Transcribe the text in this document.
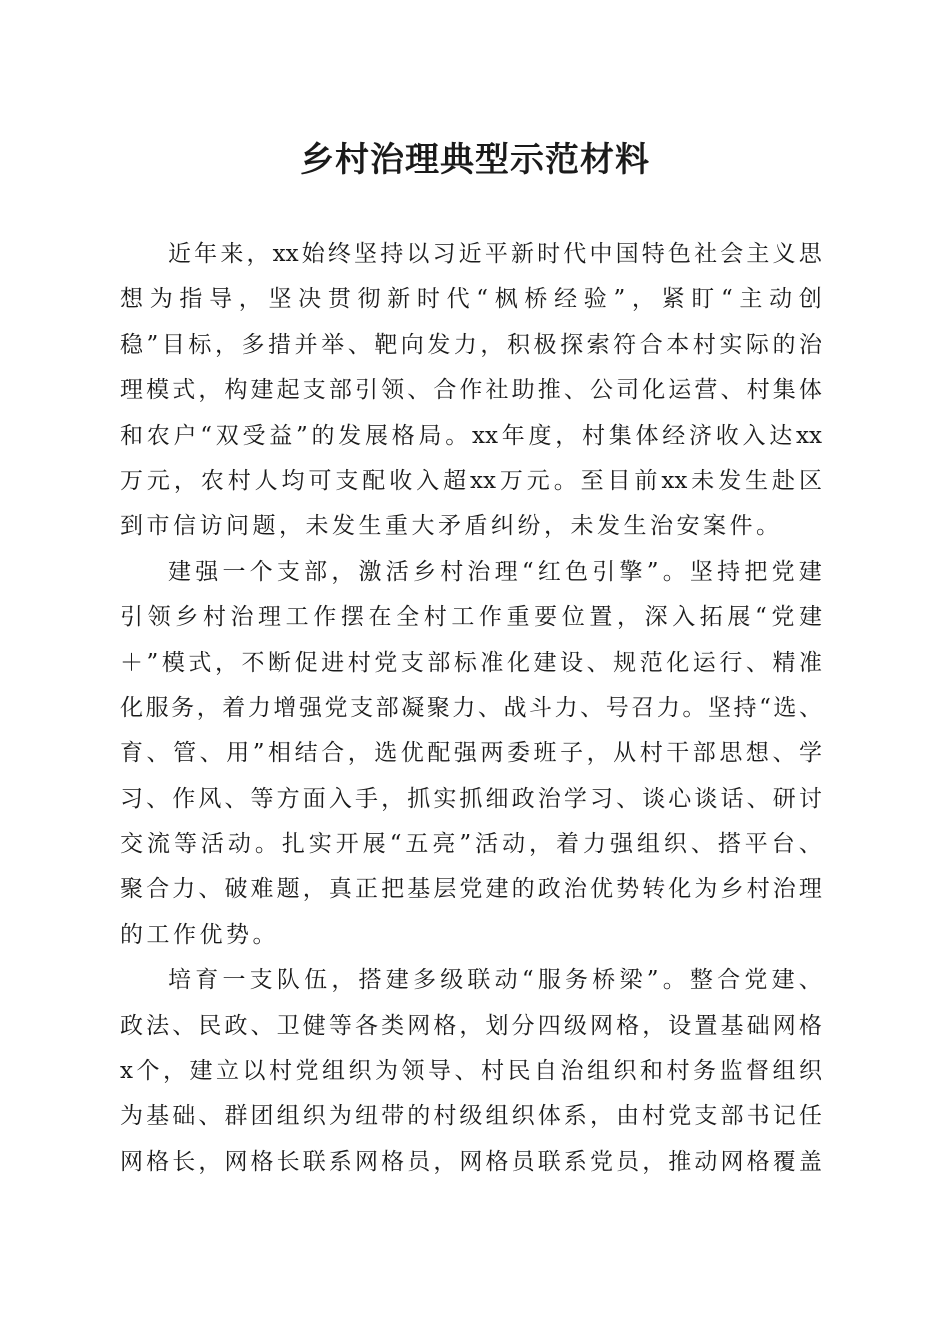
乡村治理典型示范材料
近 年 来 ， xx 始 终 坚 持 以 习 近 平 新 时 代 中 国 特 色 社 会 主 义 思
想 为 指 导 ， 坚 决 贯 彻 新 时 代 “ 枫 桥 经 验 ” ， 紧 盯 “ 主 动 创
稳 ” 目 标 ， 多 措 并 举 、 靶 向 发 力 ， 积 极 探 索 符 合 本 村 实 际 的 治
理 模 式 ， 构 建 起 支 部 引 领 、 合 作 社 助 推 、 公 司 化 运 营 、 村 集 体
和 农 户 “ 双 受 益 ” 的 发 展 格 局 。 xx 年 度 ， 村 集 体 经 济 收 入 达 xx
万 元 ， 农 村 人 均 可 支 配 收 入 超 xx 万 元 。 至 目 前 xx 未 发 生 赴 区
到市信访问题，未发生重大矛盾纠纷，未发生治安案件。
建 强 一 个 支 部 ， 激 活 乡 村 治 理 “ 红 色 引 擎 ” 。 坚 持 把 党 建
引 领 乡 村 治 理 工 作 摆 在 全 村 工 作 重 要 位 置 ， 深 入 拓 展 “ 党 建
＋ ” 模 式 ， 不 断 促 进 村 党 支 部 标 准 化 建 设 、 规 范 化 运 行 、 精 准
化 服 务 ， 着 力 增 强 党 支 部 凝 聚 力 、 战 斗 力 、 号 召 力 。 坚 持 “ 选 、
育 、 管 、 用 ” 相 结 合 ， 选 优 配 强 两 委 班 子 ， 从 村 干 部 思 想 、 学
习 、 作 风 、 等 方 面 入 手 ， 抓 实 抓 细 政 治 学 习 、 谈 心 谈 话 、 研 讨
交 流 等 活 动 。 扎 实 开 展 “ 五 亮 ” 活 动 ， 着 力 强 组 织 、 搭 平 台 、
聚 合 力 、 破 难 题 ， 真 正 把 基 层 党 建 的 政 治 优 势 转 化 为 乡 村 治 理
的工作优势。
培 育 一 支 队 伍 ， 搭 建 多 级 联 动 “ 服 务 桥 梁 ” 。 整 合 党 建 、
政 法 、 民 政 、 卫 健 等 各 类 网 格 ， 划 分 四 级 网 格 ， 设 置 基 础 网 格
x 个 ， 建 立 以 村 党 组 织 为 领 导 、 村 民 自 治 组 织 和 村 务 监 督 组 织
为 基 础 、 群 团 组 织 为 纽 带 的 村 级 组 织 体 系 ， 由 村 党 支 部 书 记 任
网 格 长 ， 网 格 长 联 系 网 格 员 ， 网 格 员 联 系 党 员 ， 推 动 网 格 覆 盖
